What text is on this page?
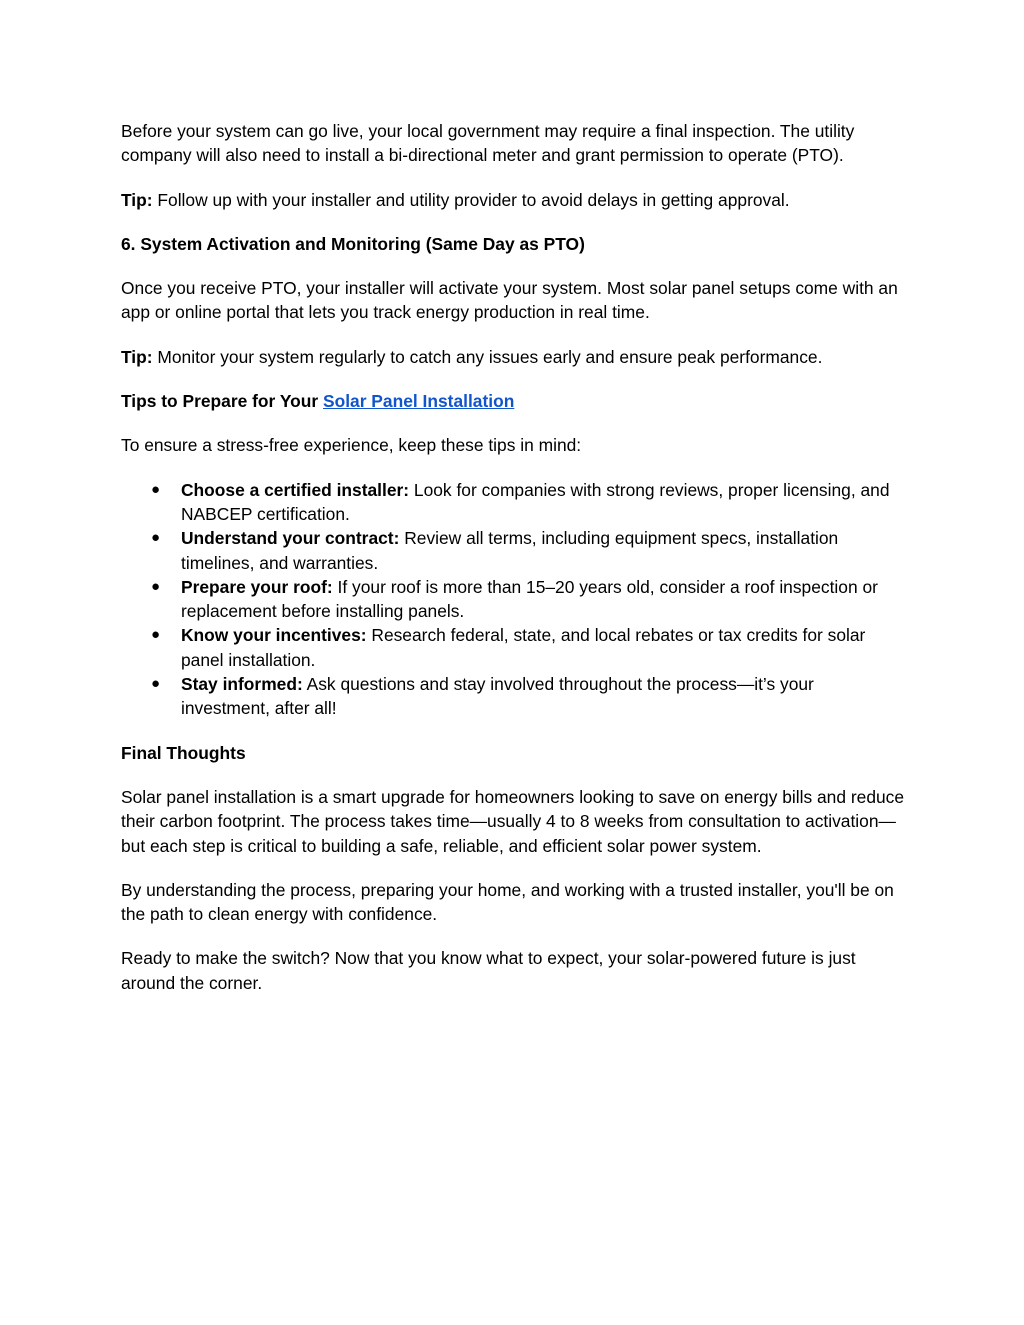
Before your system can go live, your local government may require a final inspection. The utility company will also need to install a bi-directional meter and grant permission to operate (PTO).

Tip: Follow up with your installer and utility provider to avoid delays in getting approval.

6. System Activation and Monitoring (Same Day as PTO)

Once you receive PTO, your installer will activate your system. Most solar panel setups come with an app or online portal that lets you track energy production in real time.

Tip: Monitor your system regularly to catch any issues early and ensure peak performance.

Tips to Prepare for Your Solar Panel Installation

To ensure a stress-free experience, keep these tips in mind:

● Choose a certified installer: Look for companies with strong reviews, proper licensing, and NABCEP certification.
● Understand your contract: Review all terms, including equipment specs, installation timelines, and warranties.
● Prepare your roof: If your roof is more than 15–20 years old, consider a roof inspection or replacement before installing panels.
● Know your incentives: Research federal, state, and local rebates or tax credits for solar panel installation.
● Stay informed: Ask questions and stay involved throughout the process—it’s your investment, after all!

Final Thoughts

Solar panel installation is a smart upgrade for homeowners looking to save on energy bills and reduce their carbon footprint. The process takes time—usually 4 to 8 weeks from consultation to activation—but each step is critical to building a safe, reliable, and efficient solar power system.

By understanding the process, preparing your home, and working with a trusted installer, you'll be on the path to clean energy with confidence.

Ready to make the switch? Now that you know what to expect, your solar-powered future is just around the corner.
